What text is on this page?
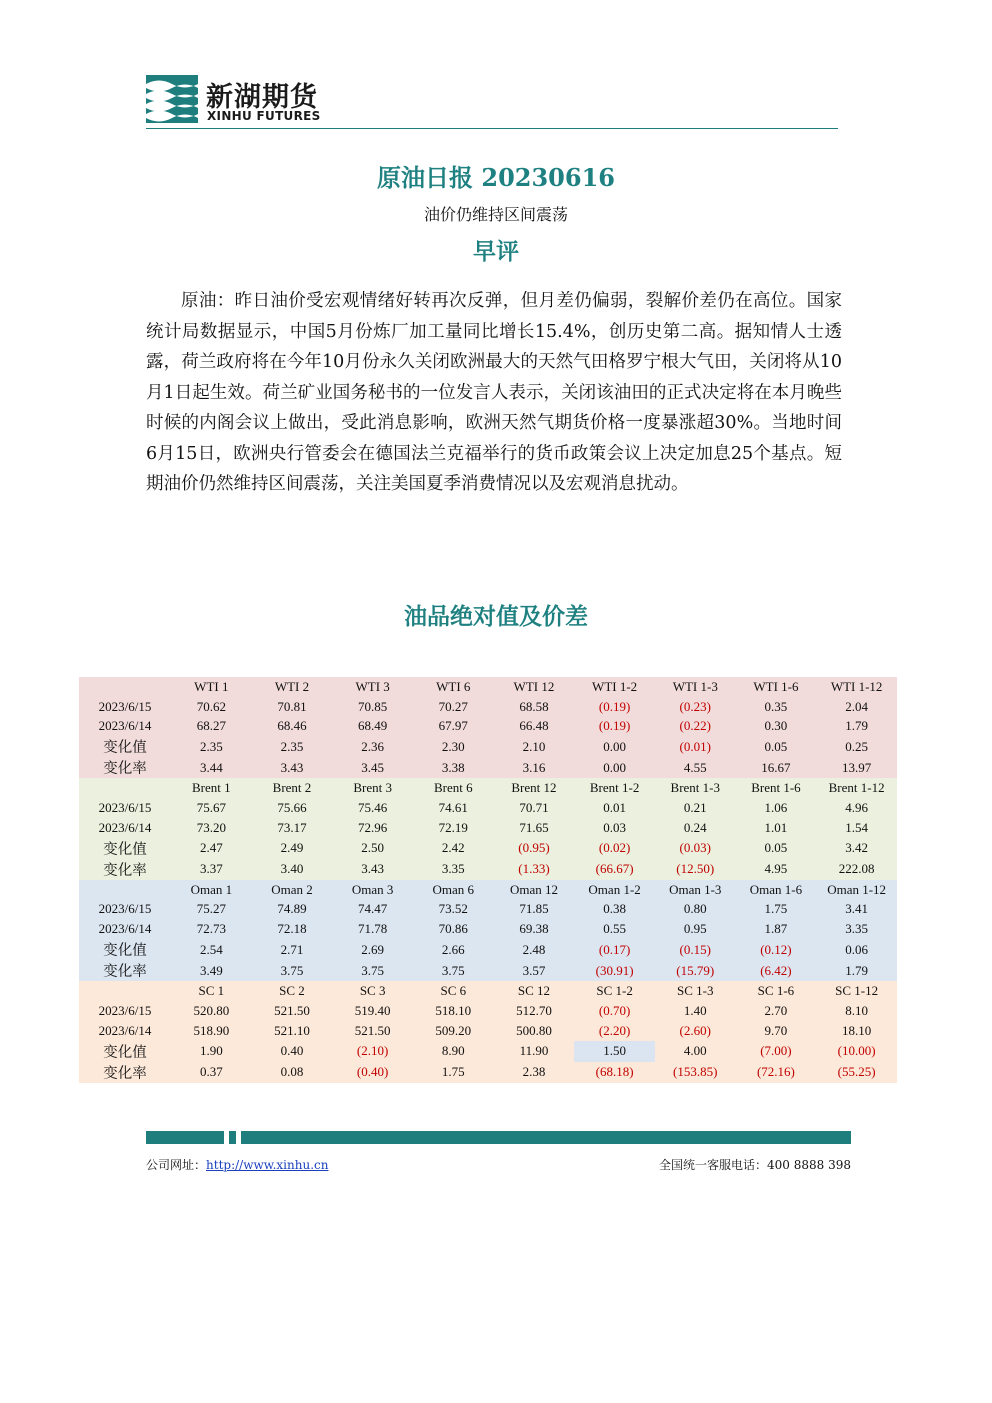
新湖期货
XINHU FUTURES
原油日报 20230616
油价仍维持区间震荡
早评

原油：昨日油价受宏观情绪好转再次反弹，但月差仍偏弱，裂解价差仍在高位。国家统计局数据显示，中国5月份炼厂加工量同比增长15.4%，创历史第二高。据知情人士透露，荷兰政府将在今年10月份永久关闭欧洲最大的天然气田格罗宁根大气田，关闭将从10月1日起生效。荷兰矿业国务秘书的一位发言人表示，关闭该油田的正式决定将在本月晚些时候的内阁会议上做出，受此消息影响，欧洲天然气期货价格一度暴涨超30%。当地时间6月15日，欧洲央行管委会在德国法兰克福举行的货币政策会议上决定加息25个基点。短期油价仍然维持区间震荡，关注美国夏季消费情况以及宏观消息扰动。

油品绝对值及价差
	WTI 1	WTI 2	WTI 3	WTI 6	WTI 12	WTI 1-2	WTI 1-3	WTI 1-6	WTI 1-12
2023/6/15	70.62	70.81	70.85	70.27	68.58	(0.19)	(0.23)	0.35	2.04
2023/6/14	68.27	68.46	68.49	67.97	66.48	(0.19)	(0.22)	0.30	1.79
变化值	2.35	2.35	2.36	2.30	2.10	0.00	(0.01)	0.05	0.25
变化率	3.44	3.43	3.45	3.38	3.16	0.00	4.55	16.67	13.97
	Brent 1	Brent 2	Brent 3	Brent 6	Brent 12	Brent 1-2	Brent 1-3	Brent 1-6	Brent 1-12
2023/6/15	75.67	75.66	75.46	74.61	70.71	0.01	0.21	1.06	4.96
2023/6/14	73.20	73.17	72.96	72.19	71.65	0.03	0.24	1.01	1.54
变化值	2.47	2.49	2.50	2.42	(0.95)	(0.02)	(0.03)	0.05	3.42
变化率	3.37	3.40	3.43	3.35	(1.33)	(66.67)	(12.50)	4.95	222.08
	Oman 1	Oman 2	Oman 3	Oman 6	Oman 12	Oman 1-2	Oman 1-3	Oman 1-6	Oman 1-12
2023/6/15	75.27	74.89	74.47	73.52	71.85	0.38	0.80	1.75	3.41
2023/6/14	72.73	72.18	71.78	70.86	69.38	0.55	0.95	1.87	3.35
变化值	2.54	2.71	2.69	2.66	2.48	(0.17)	(0.15)	(0.12)	0.06
变化率	3.49	3.75	3.75	3.75	3.57	(30.91)	(15.79)	(6.42)	1.79
	SC 1	SC 2	SC 3	SC 6	SC 12	SC 1-2	SC 1-3	SC 1-6	SC 1-12
2023/6/15	520.80	521.50	519.40	518.10	512.70	(0.70)	1.40	2.70	8.10
2023/6/14	518.90	521.10	521.50	509.20	500.80	(2.20)	(2.60)	9.70	18.10
变化值	1.90	0.40	(2.10)	8.90	11.90	1.50	4.00	(7.00)	(10.00)
变化率	0.37	0.08	(0.40)	1.75	2.38	(68.18)	(153.85)	(72.16)	(55.25)
公司网址：http://www.xinhu.cn	全国统一客服电话：400 8888 398
